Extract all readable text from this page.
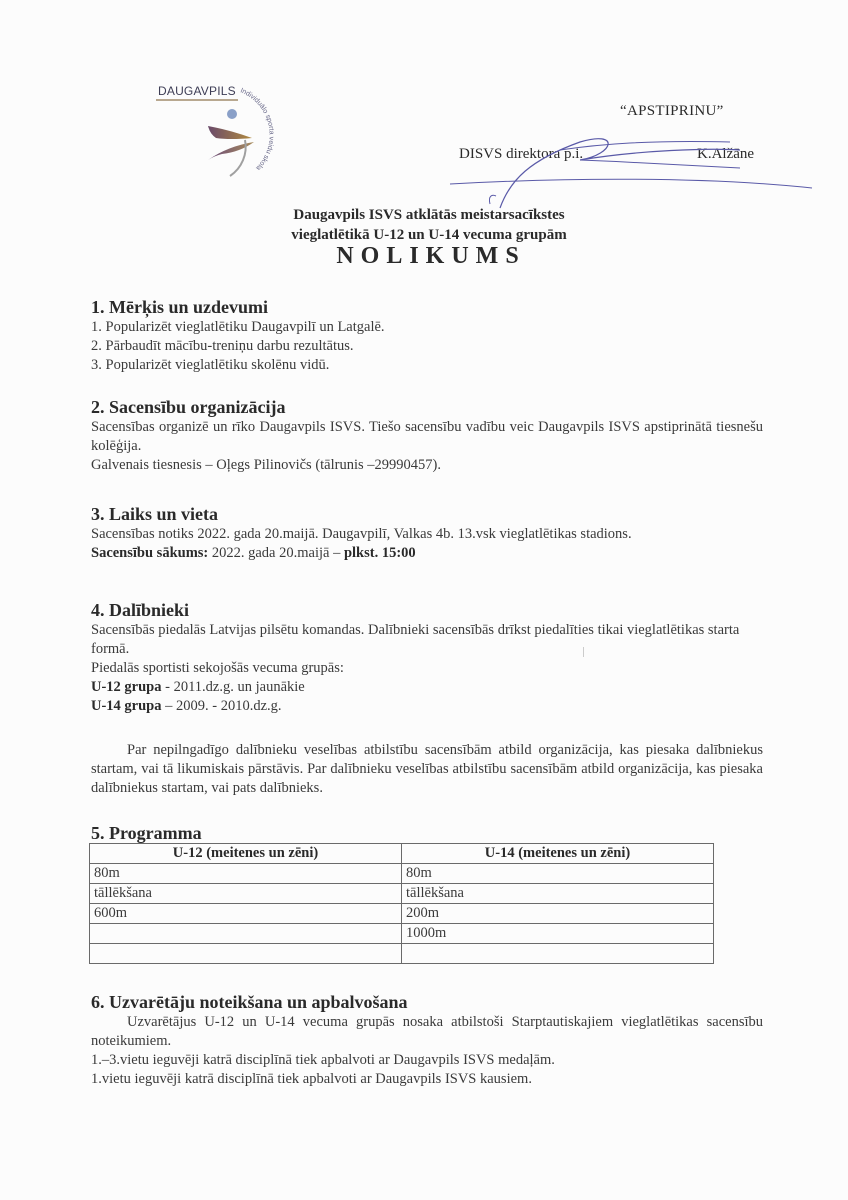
DAUGAVPILS Individuālo sporta veidu skola
“APSTIPRINU”
DISVS direktora p.i.	K.Alžāne
Daugavpils ISVS atklātās meistarsacīkstes
vieglatlētikā U-12 un U-14 vecuma grupām
NOLIKUMS
1. Mērķis un uzdevumi
1. Popularizēt vieglatlētiku Daugavpilī un Latgalē.
2. Pārbaudīt mācību-treniņu darbu rezultātus.
3. Popularizēt vieglatlētiku skolēnu vidū.
2. Sacensību organizācija
Sacensības organizē un rīko Daugavpils ISVS. Tiešo sacensību vadību veic Daugavpils ISVS apstiprinātā tiesnešu kolēģija.
Galvenais tiesnesis – Oļegs Pilinovičs (tālrunis –29990457).
3. Laiks un vieta
Sacensības notiks 2022. gada 20.maijā. Daugavpilī, Valkas 4b. 13.vsk vieglatlētikas stadions.
Sacensību sākums: 2022. gada 20.maijā – plkst. 15:00
4. Dalībnieki
Sacensībās piedalās Latvijas pilsētu komandas. Dalībnieki sacensībās drīkst piedalīties tikai vieglatlētikas starta formā.
Piedalās sportisti sekojošās vecuma grupās:
U-12 grupa - 2011.dz.g. un jaunākie
U-14 grupa – 2009. - 2010.dz.g.
Par nepilngadīgo dalībnieku veselības atbilstību sacensībām atbild organizācija, kas piesaka dalībniekus startam, vai tā likumiskais pārstāvis. Par dalībnieku veselības atbilstību sacensībām atbild organizācija, kas piesaka dalībniekus startam, vai pats dalībnieks.
5. Programma
U-12 (meitenes un zēni)	U-14 (meitenes un zēni)
80m	80m
tāllēkšana	tāllēkšana
600m	200m
	1000m

6. Uzvarētāju noteikšana un apbalvošana
Uzvarētājus U-12 un U-14 vecuma grupās nosaka atbilstoši Starptautiskajiem vieglatlētikas sacensību noteikumiem.
1.–3.vietu ieguvēji katrā disciplīnā tiek apbalvoti ar Daugavpils ISVS medaļām.
1.vietu ieguvēji katrā disciplīnā tiek apbalvoti ar Daugavpils ISVS kausiem.
